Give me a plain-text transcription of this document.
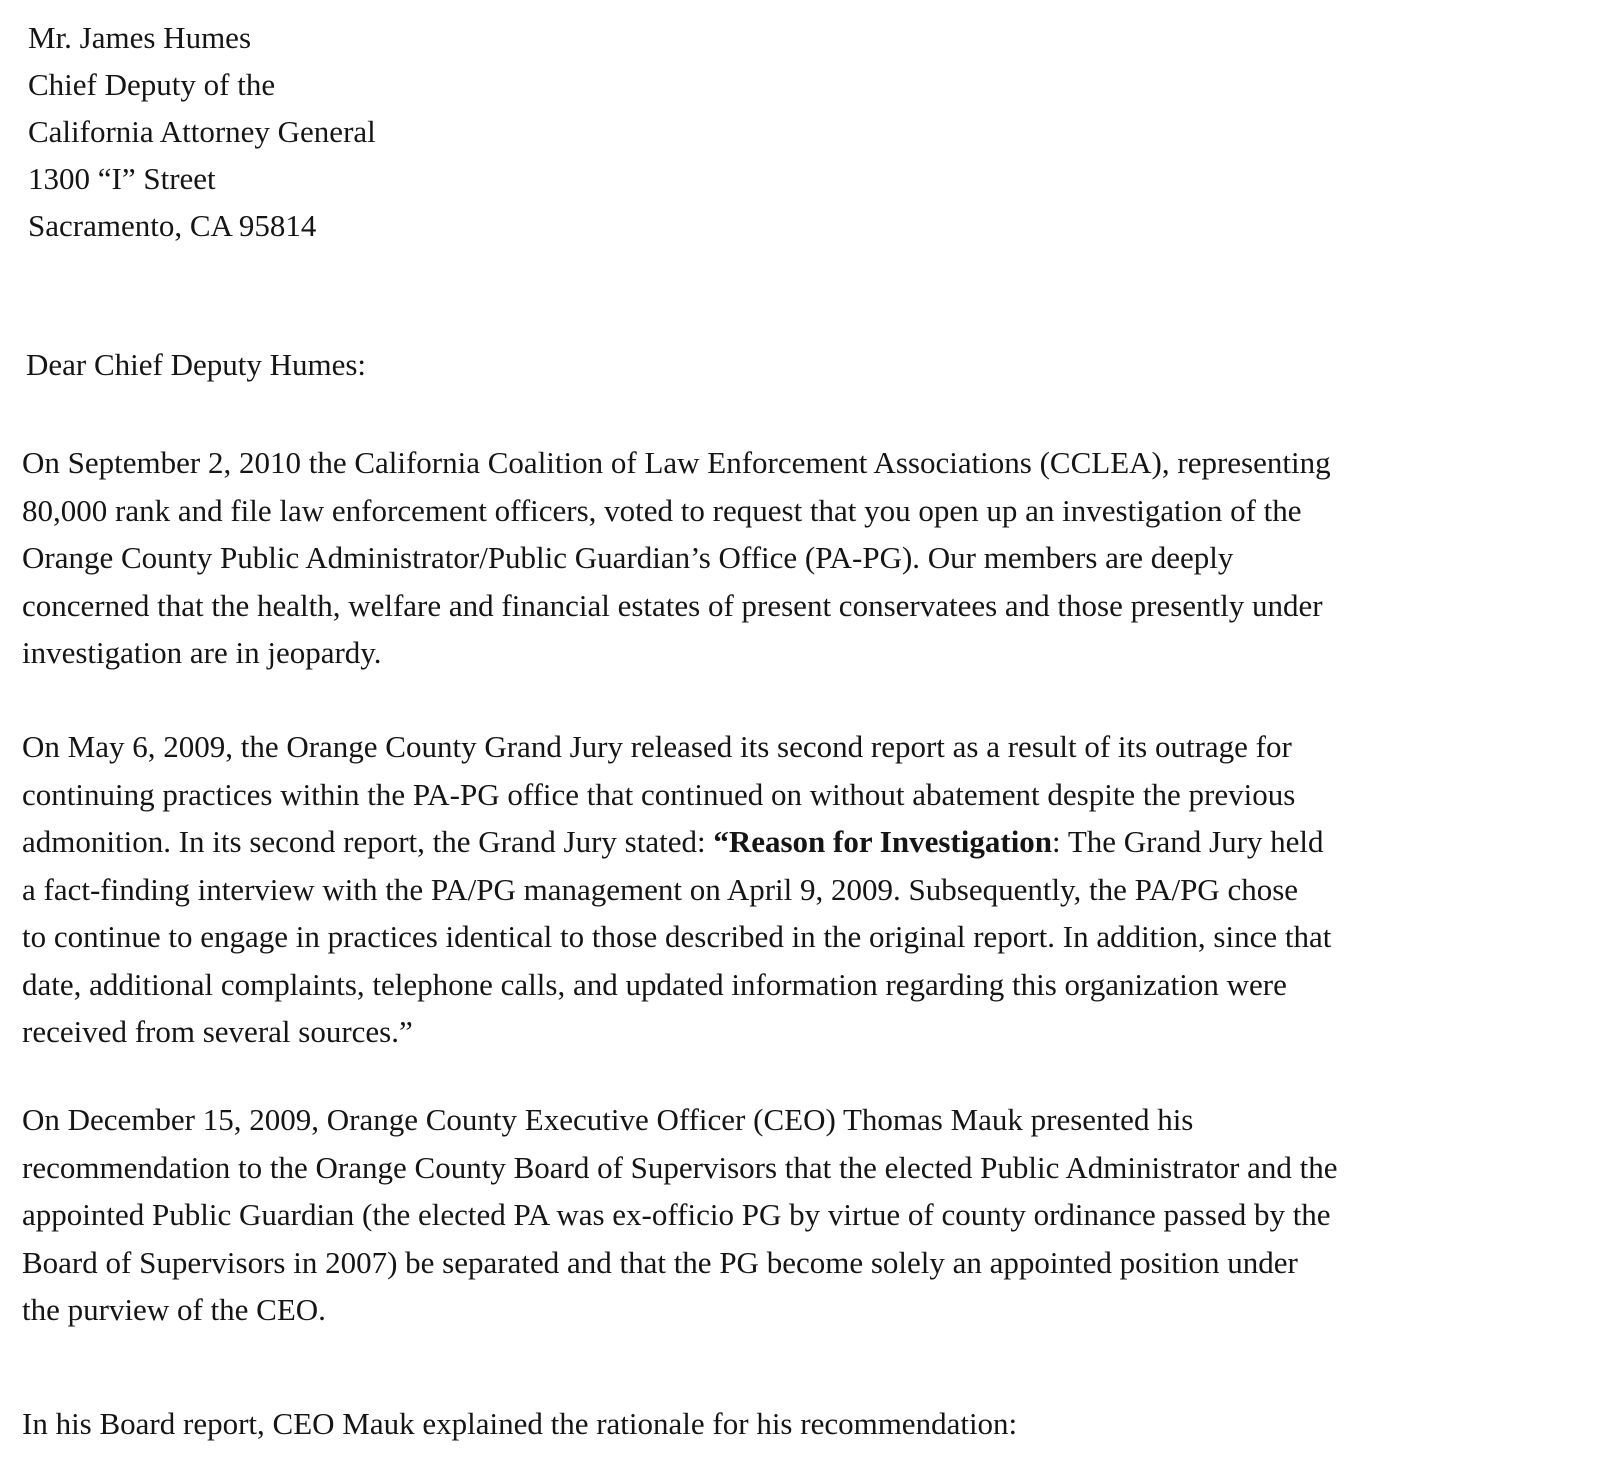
Mr. James Humes
Chief Deputy of the
California Attorney General
1300 “I” Street
Sacramento, CA 95814
Dear Chief Deputy Humes:

On September 2, 2010 the California Coalition of Law Enforcement Associations (CCLEA), representing
80,000 rank and file law enforcement officers, voted to request that you open up an investigation of the
Orange County Public Administrator/Public Guardian’s Office (PA-PG). Our members are deeply
concerned that the health, welfare and financial estates of present conservatees and those presently under
investigation are in jeopardy.

On May 6, 2009, the Orange County Grand Jury released its second report as a result of its outrage for
continuing practices within the PA-PG office that continued on without abatement despite the previous
admonition. In its second report, the Grand Jury stated: “Reason for Investigation: The Grand Jury held
a fact-finding interview with the PA/PG management on April 9, 2009. Subsequently, the PA/PG chose
to continue to engage in practices identical to those described in the original report. In addition, since that
date, additional complaints, telephone calls, and updated information regarding this organization were
received from several sources.”

On December 15, 2009, Orange County Executive Officer (CEO) Thomas Mauk presented his
recommendation to the Orange County Board of Supervisors that the elected Public Administrator and the
appointed Public Guardian (the elected PA was ex-officio PG by virtue of county ordinance passed by the
Board of Supervisors in 2007) be separated and that the PG become solely an appointed position under
the purview of the CEO.

In his Board report, CEO Mauk explained the rationale for his recommendation:
